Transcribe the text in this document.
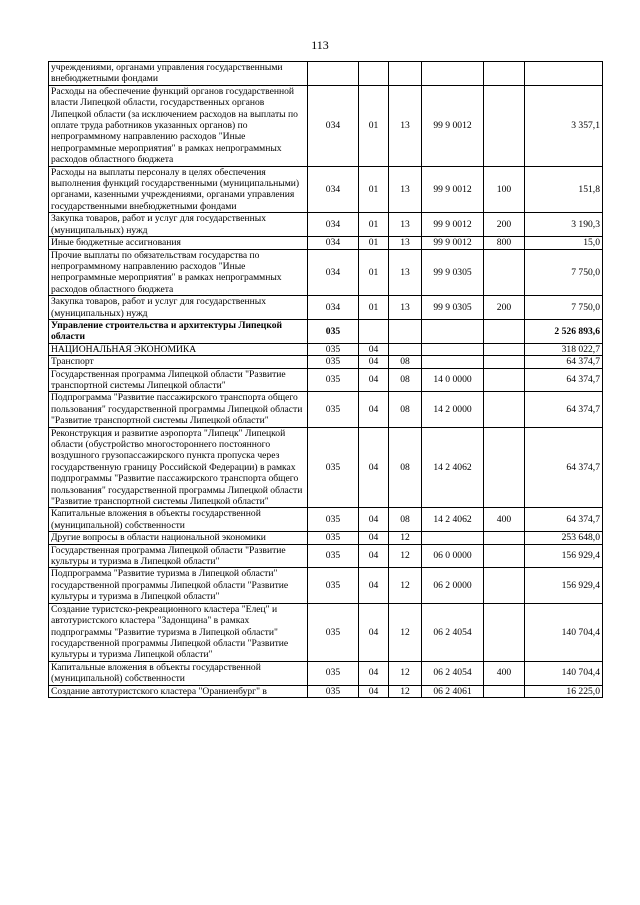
113
учреждениями, органами управления государственными внебюджетными фондами						
Расходы на обеспечение функций органов государственной власти Липецкой области, государственных органов Липецкой области (за исключением расходов на выплаты по оплате труда работников указанных органов) по непрограммному направлению расходов "Иные непрограммные мероприятия" в рамках непрограммных расходов областного бюджета	034	01	13	99 9 0012		3 357,1
Расходы на выплаты персоналу в целях обеспечения выполнения функций государственными (муниципальными) органами, казенными учреждениями, органами управления государственными внебюджетными фондами	034	01	13	99 9 0012	100	151,8
Закупка товаров, работ и услуг для государственных (муниципальных) нужд	034	01	13	99 9 0012	200	3 190,3
Иные бюджетные ассигнования	034	01	13	99 9 0012	800	15,0
Прочие выплаты по обязательствам государства по непрограммному направлению расходов "Иные непрограммные мероприятия" в рамках непрограммных расходов областного бюджета	034	01	13	99 9 0305		7 750,0
Закупка товаров, работ и услуг для государственных (муниципальных) нужд	034	01	13	99 9 0305	200	7 750,0
Управление строительства и архитектуры Липецкой области	035					2 526 893,6
НАЦИОНАЛЬНАЯ ЭКОНОМИКА	035	04				318 022,7
Транспорт	035	04	08			64 374,7
Государственная программа Липецкой области "Развитие транспортной системы Липецкой области"	035	04	08	14 0 0000		64 374,7
Подпрограмма "Развитие пассажирского транспорта общего пользования" государственной программы Липецкой области "Развитие транспортной системы Липецкой области"	035	04	08	14 2 0000		64 374,7
Реконструкция и развитие аэропорта "Липецк" Липецкой области (обустройство многостороннего постоянного воздушного грузопассажирского пункта пропуска через государственную границу Российской Федерации) в рамках подпрограммы "Развитие пассажирского транспорта общего пользования" государственной программы Липецкой области "Развитие транспортной системы Липецкой области"	035	04	08	14 2 4062		64 374,7
Капитальные вложения в объекты государственной (муниципальной) собственности	035	04	08	14 2 4062	400	64 374,7
Другие вопросы в области национальной экономики	035	04	12			253 648,0
Государственная программа Липецкой области "Развитие культуры и туризма в Липецкой области"	035	04	12	06 0 0000		156 929,4
Подпрограмма "Развитие туризма в Липецкой области" государственной программы Липецкой области "Развитие культуры и туризма в Липецкой области"	035	04	12	06 2 0000		156 929,4
Создание туристско-рекреационного кластера "Елец" и автотуристского кластера "Задонщина" в рамках подпрограммы "Развитие туризма в Липецкой области" государственной программы Липецкой области "Развитие культуры и туризма Липецкой области"	035	04	12	06 2 4054		140 704,4
Капитальные вложения в объекты государственной (муниципальной) собственности	035	04	12	06 2 4054	400	140 704,4
Создание автотуристского кластера "Ораниенбург" в	035	04	12	06 2 4061		16 225,0
